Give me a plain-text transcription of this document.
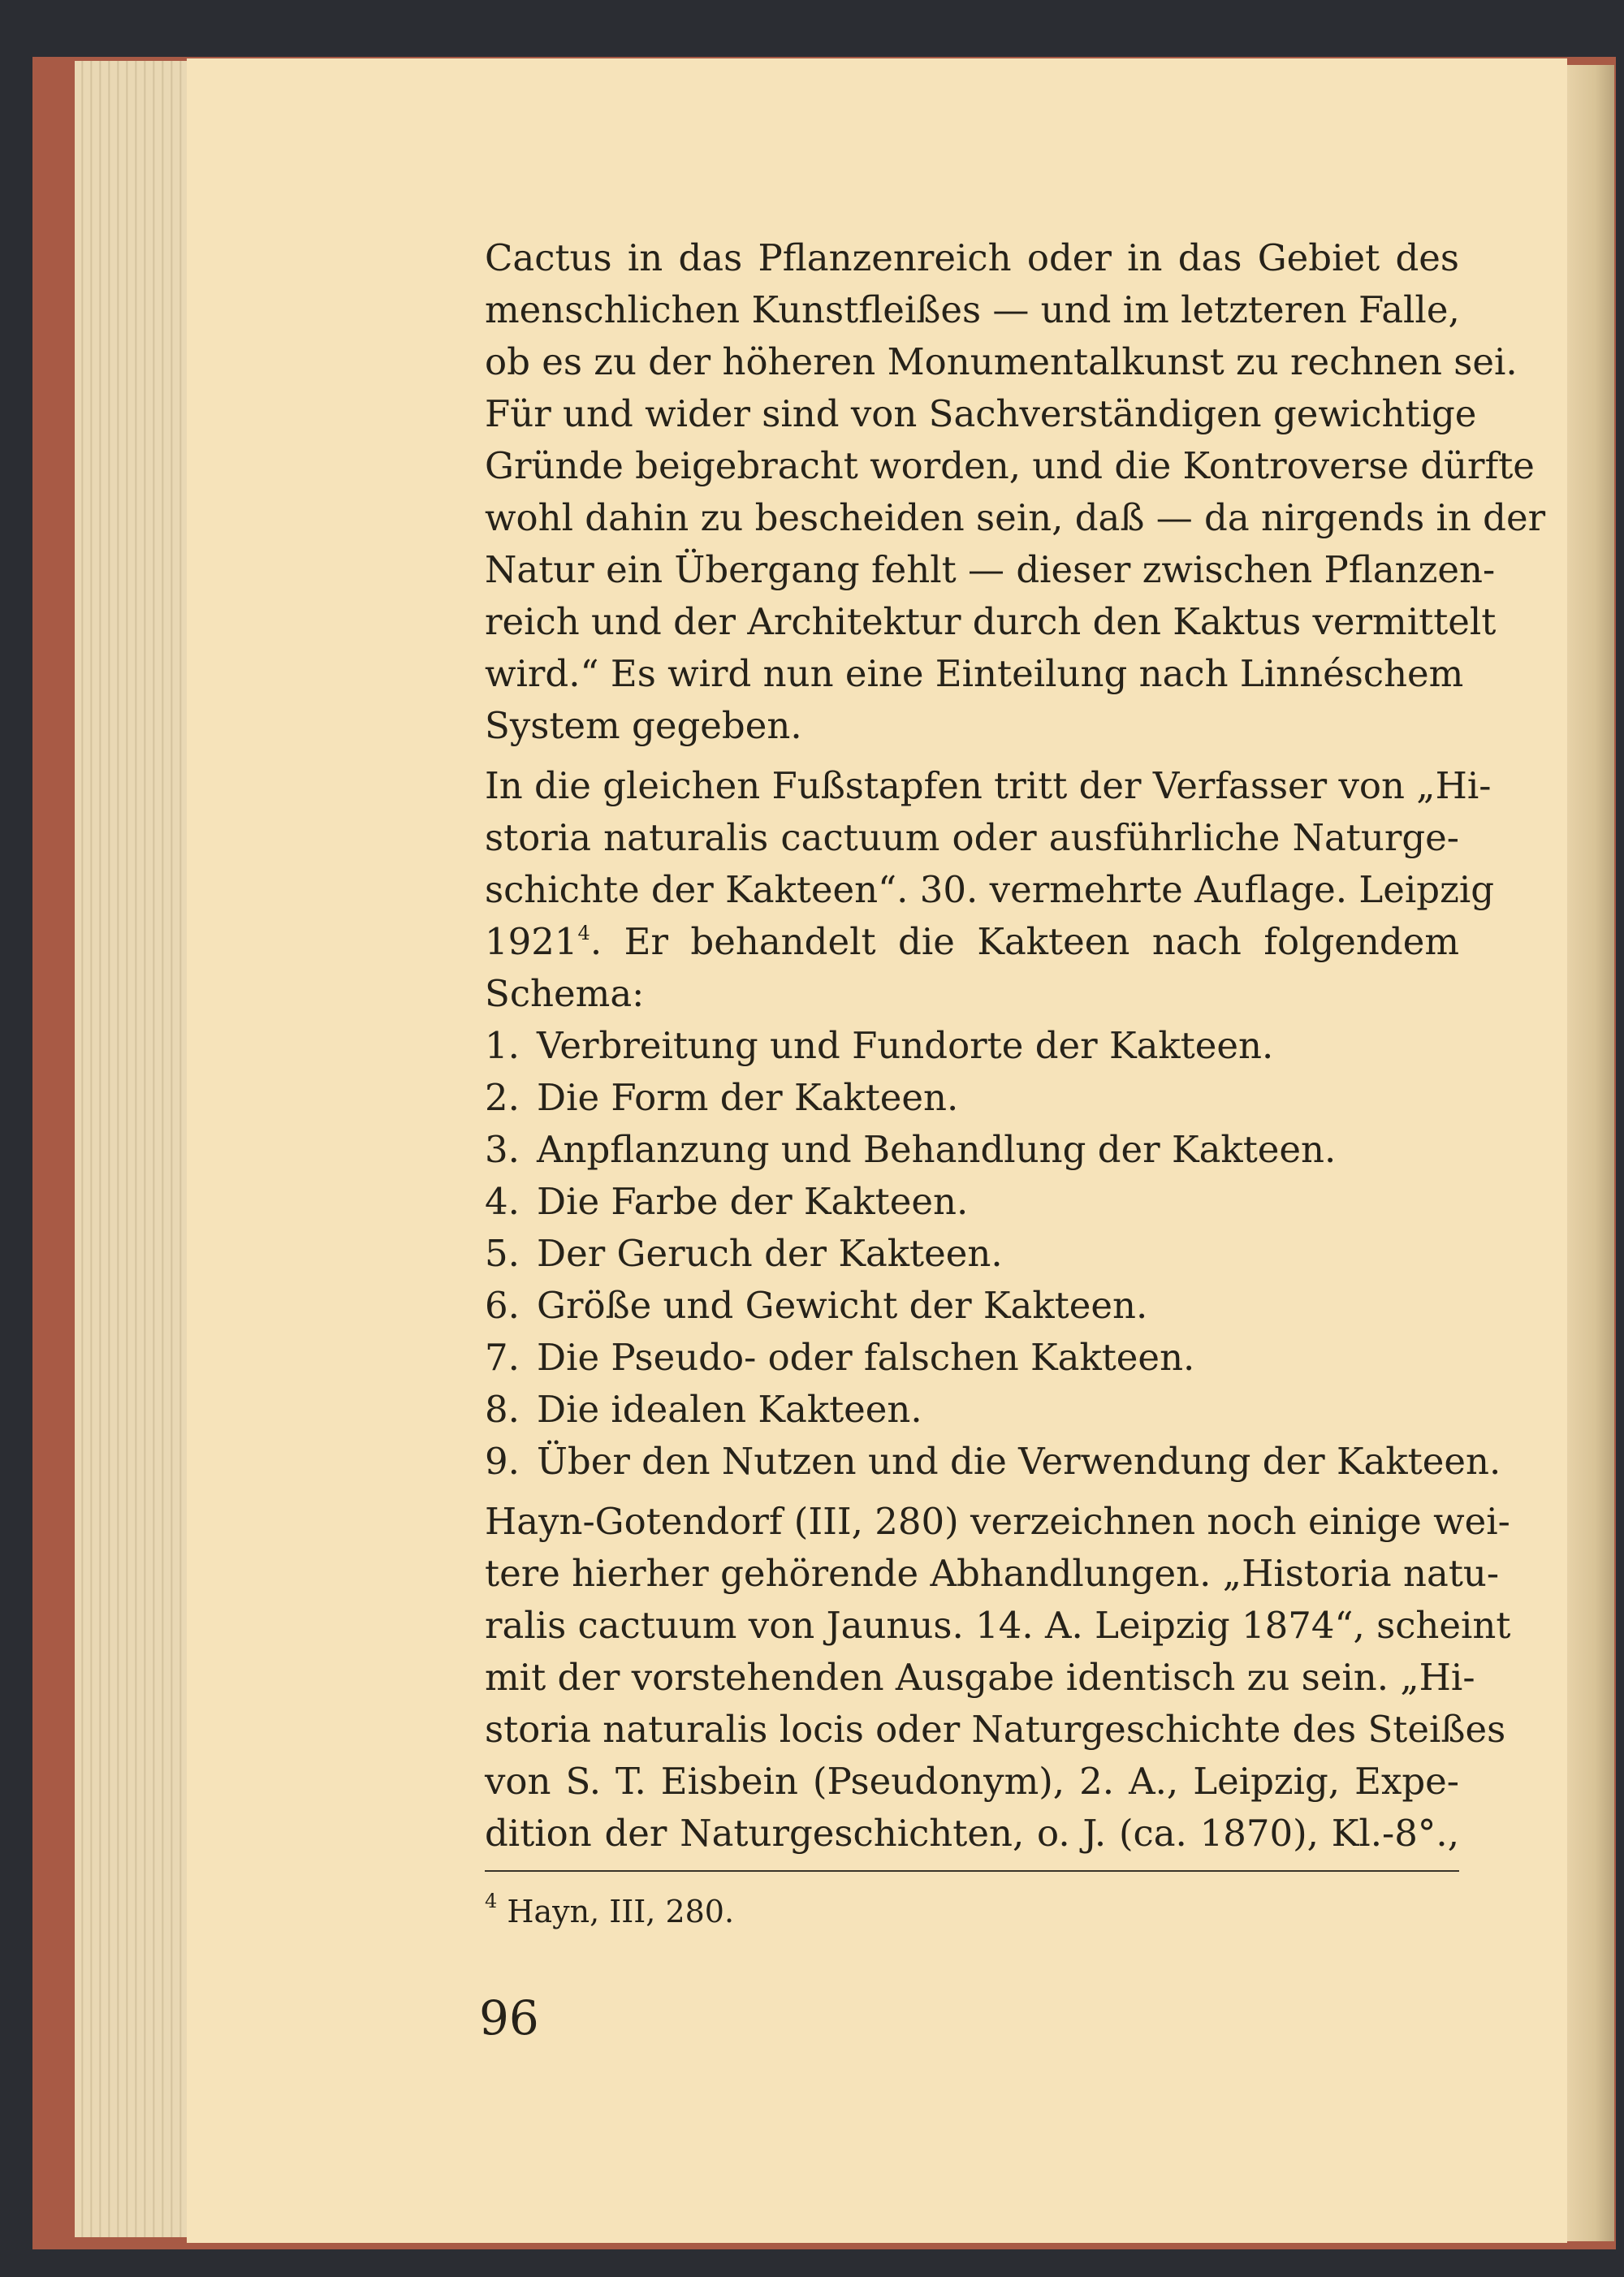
Cactus in das Pflanzenreich oder in das Gebiet des
menschlichen Kunstfleißes — und im letzteren Falle,
ob es zu der höheren Monumentalkunst zu rechnen sei.
Für und wider sind von Sachverständigen gewichtige
Gründe beigebracht worden, und die Kontroverse dürfte
wohl dahin zu bescheiden sein, daß — da nirgends in der
Natur ein Übergang fehlt — dieser zwischen Pflanzen-
reich und der Architektur durch den Kaktus vermittelt
wird.“ Es wird nun eine Einteilung nach Linnéschem
System gegeben.
In die gleichen Fußstapfen tritt der Verfasser von „Hi-
storia naturalis cactuum oder ausführliche Naturge-
schichte der Kakteen“. 30. vermehrte Auflage. Leipzig
1921$^4$. Er behandelt die Kakteen nach folgendem
Schema:
1. Verbreitung und Fundorte der Kakteen.
2. Die Form der Kakteen.
3. Anpflanzung und Behandlung der Kakteen.
4. Die Farbe der Kakteen.
5. Der Geruch der Kakteen.
6. Größe und Gewicht der Kakteen.
7. Die Pseudo- oder falschen Kakteen.
8. Die idealen Kakteen.
9. Über den Nutzen und die Verwendung der Kakteen.
Hayn-Gotendorf (III, 280) verzeichnen noch einige wei-
tere hierher gehörende Abhandlungen. „Historia natu-
ralis cactuum von Jaunus. 14. A. Leipzig 1874“, scheint
mit der vorstehenden Ausgabe identisch zu sein. „Hi-
storia naturalis locis oder Naturgeschichte des Steißes
von S. T. Eisbein (Pseudonym), 2. A., Leipzig, Expe-
dition der Naturgeschichten, o. J. (ca. 1870), Kl.-8°.,
$^4$ Hayn, III, 280.
96
